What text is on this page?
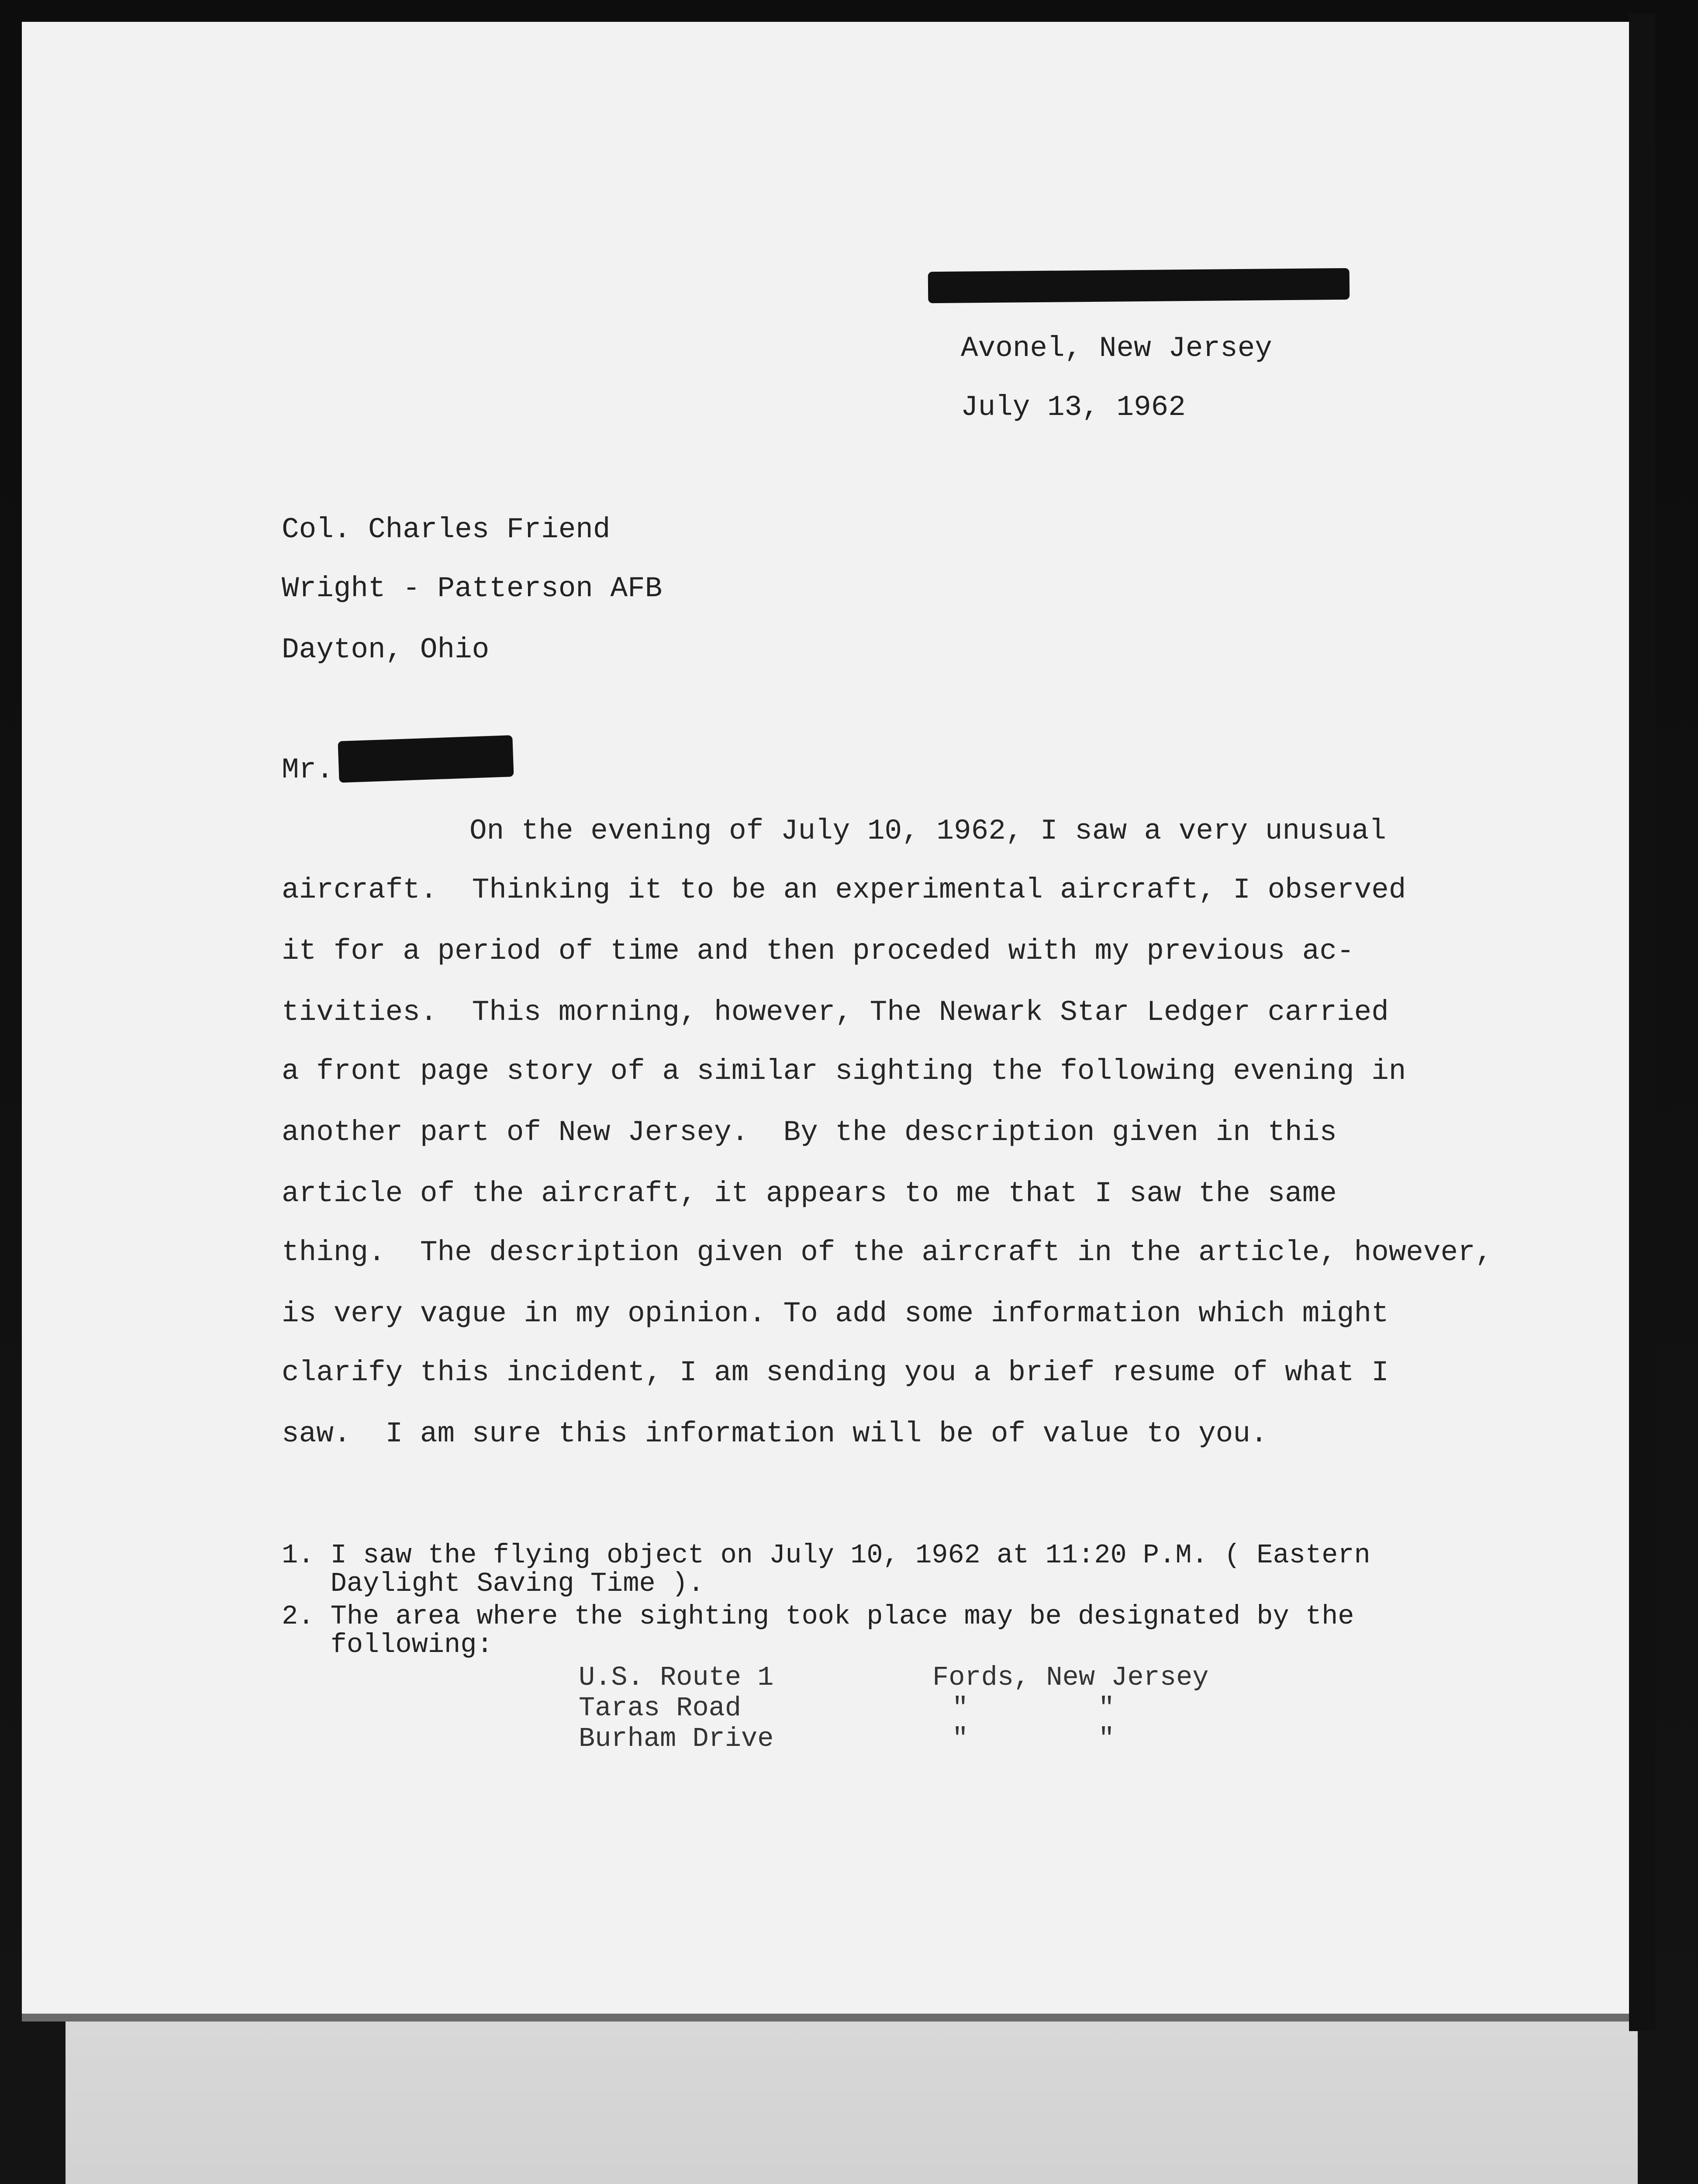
Avonel, New Jersey
July 13, 1962
Col. Charles Friend
Wright - Patterson AFB
Dayton, Ohio
Mr.
On the evening of July 10, 1962, I saw a very unusual
aircraft.  Thinking it to be an experimental aircraft, I observed
it for a period of time and then proceded with my previous ac-
tivities.  This morning, however, The Newark Star Ledger carried
a front page story of a similar sighting the following evening in
another part of New Jersey.  By the description given in this
article of the aircraft, it appears to me that I saw the same
thing.  The description given of the aircraft in the article, however,
is very vague in my opinion. To add some information which might
clarify this incident, I am sending you a brief resume of what I
saw.  I am sure this information will be of value to you.
1. I saw the flying object on July 10, 1962 at 11:20 P.M. ( Eastern
Daylight Saving Time ).
2. The area where the sighting took place may be designated by the
following:
U.S. Route 1	Fords, New Jersey
Taras Road	"        "
Burham Drive	"        "
